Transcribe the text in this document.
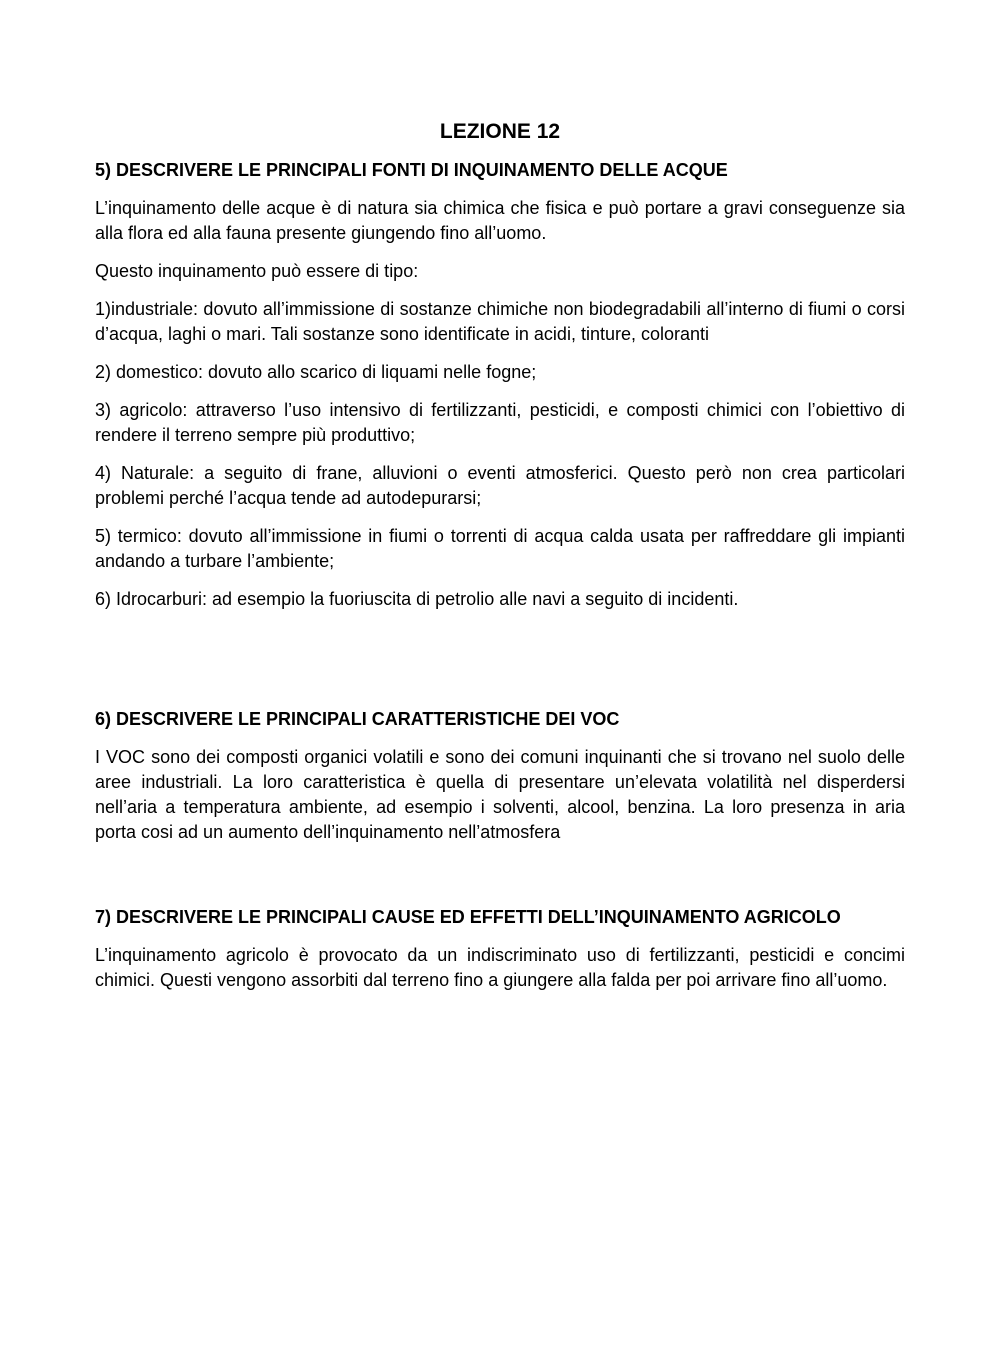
LEZIONE 12
5) DESCRIVERE LE PRINCIPALI FONTI DI INQUINAMENTO DELLE ACQUE
L’inquinamento delle acque è di natura sia chimica che fisica e può portare a gravi conseguenze sia alla flora ed alla fauna presente giungendo fino all’uomo.
Questo inquinamento può essere di tipo:
1)industriale: dovuto all’immissione di sostanze chimiche non biodegradabili all’interno di fiumi o corsi d’acqua, laghi o mari. Tali sostanze sono identificate in acidi, tinture, coloranti
2) domestico: dovuto allo scarico di liquami nelle fogne;
3) agricolo: attraverso l’uso intensivo di fertilizzanti, pesticidi, e composti chimici con l’obiettivo di rendere il terreno sempre più produttivo;
4) Naturale: a seguito di frane, alluvioni o eventi atmosferici. Questo però non crea particolari problemi perché l’acqua tende ad autodepurarsi;
5) termico: dovuto all’immissione in fiumi o torrenti di acqua calda usata per raffreddare gli impianti andando a turbare l’ambiente;
6) Idrocarburi: ad esempio la fuoriuscita di petrolio alle navi a seguito di incidenti.
6) DESCRIVERE LE PRINCIPALI CARATTERISTICHE DEI VOC
I VOC sono dei composti organici volatili e sono dei comuni inquinanti che si trovano nel suolo delle aree industriali. La loro caratteristica è quella di presentare un’elevata volatilità nel disperdersi nell’aria a temperatura ambiente, ad esempio i solventi, alcool, benzina. La loro presenza in aria porta cosi ad un aumento dell’inquinamento nell’atmosfera
7) DESCRIVERE LE PRINCIPALI CAUSE ED EFFETTI DELL’INQUINAMENTO AGRICOLO
L’inquinamento agricolo è provocato da un indiscriminato uso di fertilizzanti, pesticidi e concimi chimici. Questi vengono assorbiti dal terreno fino a giungere alla falda per poi arrivare fino all’uomo.
